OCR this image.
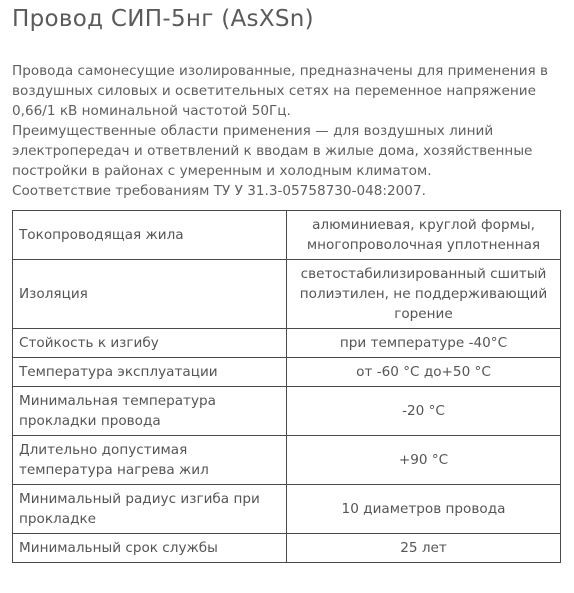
Провод СИП-5нг (AsXSn)

Провода самонесущие изолированные, предназначены для применения в

воздушных силовых и осветительных сетях на переменное напряжение

0,66/1 кВ номинальной частотой 50Гц.

Преимущественные области применения — для воздушных линий

электропередач и ответвлений к вводам в жилые дома, хозяйственные

постройки в районах с умеренным и холодным климатом.

Соответствие требованиям ТУ У 31.3-05758730-048:2007.

Токопроводящая жила	алюминиевая, круглой формы,
многопроволочная уплотненная

Изоляция	светостабилизированный сшитый
полиэтилен, не поддерживающий
горение

Стойкость к изгибу	при температуре -40°C

Температура эксплуатации	от -60 °C до+50 °C

Минимальная температура
прокладки провода	-20 °C

Длительно допустимая
температура нагрева жил	+90 °C

Минимальный радиус изгиба при
прокладке	10 диаметров провода

Минимальный срок службы	25 лет
